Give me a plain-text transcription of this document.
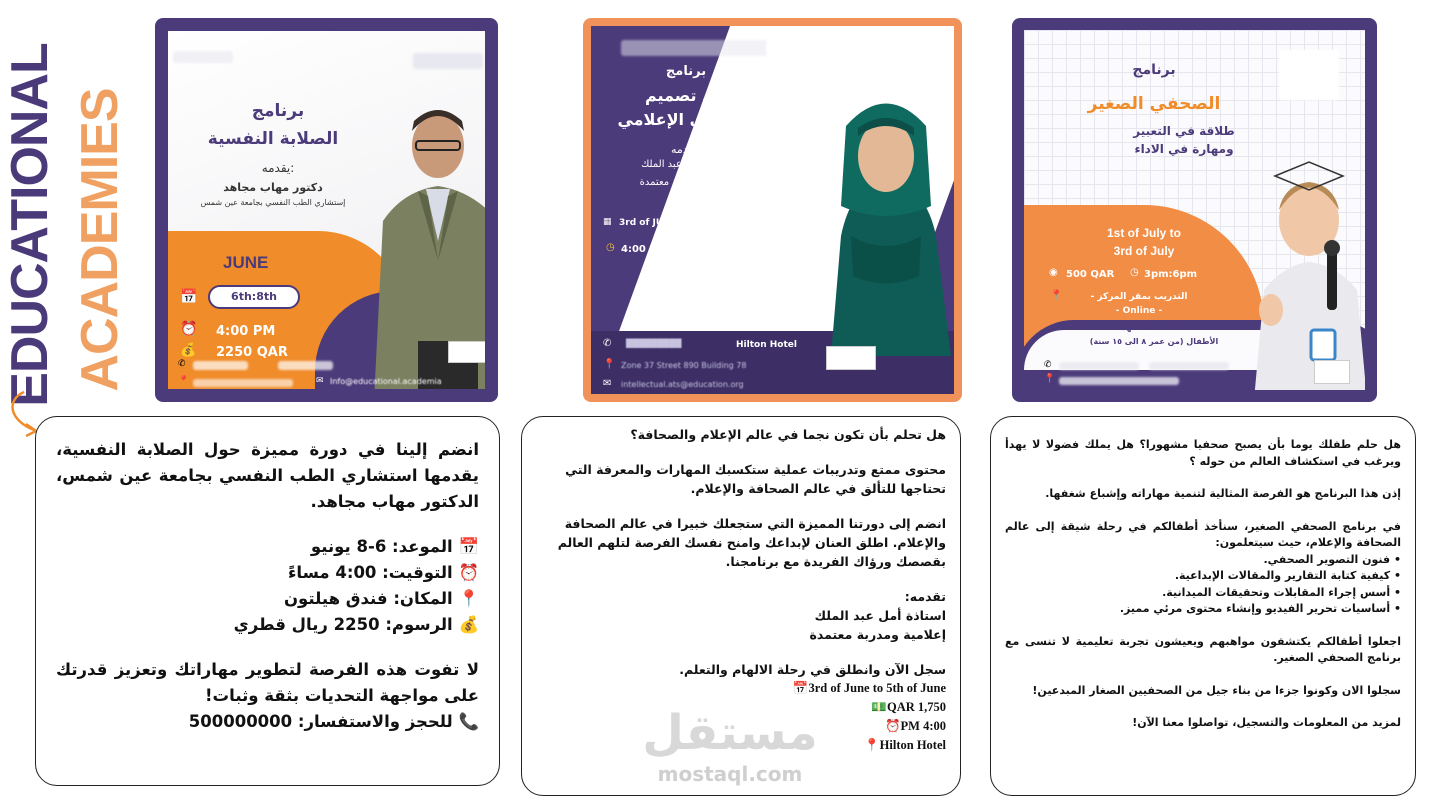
EDUCATIONAL ACADEMIES	برنامج
الصلابة النفسية
يقدمه:
دكتور مهاب مجاهد
إستشاري الطب النفسي بجامعة عين شمس
JUNE
📅	6th:8th
⏰ 4:00 PM
💰 2250 QAR
✆
📍	✉ Info@educational.academia
برنامج
فن تصميم
المحتوى الإعلامي
تقدمه:
استاذة أمل عبد الملك
إعلامية ومدربة معتمدة
▦ 3rd of JUNE to 5TH of JUNE
◷ 4:00 PM ◉ 1250 QAR
الفئات المستهدفة:
- خريجي كليات الإعلام
- راغبي العمل بالمجال الصحفي والإعلامي
✆ █████████	Hilton Hotel
📍 Zone 37 Street 890 Building 78
✉ intellectual.ats@education.org
برنامج
الصحفي الصغير
طلاقة في التعبير
ومهارة في الاداء
1st of July to
3rd of July
◉ 500 QAR ◷ 3pm:6pm
📍	- التدريب بمقر المركز
- Online -
الفئات المستهدفة:
الأطفال (من عمر ٨ الى ١٥ سنة)
✆
📍
انضم إلينا في دورة مميزة حول الصلابة النفسية، يقدمها استشاري الطب النفسي بجامعة عين شمس، الدكتور مهاب مجاهد.
📅 الموعد: 6-8 يونيو
⏰ التوقيت: 4:00 مساءً
📍 المكان: فندق هيلتون
💰 الرسوم: 2250 ريال قطري
لا تفوت هذه الفرصة لتطوير مهاراتك وتعزيز قدرتك على مواجهة التحديات بثقة وثبات!
📞 للحجز والاستفسار: 500000000
هل تحلم بأن تكون نجما في عالم الإعلام والصحافة؟
محتوى ممتع وتدريبات عملية ستكسبك المهارات والمعرفة التي تحتاجها للتألق في عالم الصحافة والإعلام.
انضم إلى دورتنا المميزة التي ستجعلك خبيرا في عالم الصحافة والإعلام. اطلق العنان لإبداعك وامنح نفسك الفرصة لتلهم العالم بقصصك ورؤاك الفريدة مع برنامجنا.
تقدمه:
استاذة أمل عبد الملك
إعلامية ومدربة معتمدة
سجل الآن وانطلق في رحلة الالهام والتعلم.
3rd of June to 5th of June📅
QAR 1,750💵
PM 4:00⏰
Hilton Hotel📍
هل حلم طفلك يوما بأن يصبح صحفيا مشهورا؟ هل يملك فضولا لا يهدأ ويرغب في استكشاف العالم من حوله ؟
إذن هذا البرنامج هو الفرصة المثالية لتنمية مهاراته وإشباع شغفها.
في برنامج الصحفي الصغير، سنأخذ أطفالكم في رحلة شيقة إلى عالم الصحافة والإعلام، حيث سيتعلمون:
• فنون التصوير الصحفي.
• كيفية كتابة التقارير والمقالات الإبداعية.
• أسس إجراء المقابلات وتحقيقات الميدانية.
• أساسيات تحرير الفيديو وإنشاء محتوى مرئي مميز.
اجعلوا أطفالكم يكتشفون مواهبهم ويعيشون تجربة تعليمية لا تنسى مع برنامج الصحفي الصغير.
سجلوا الان وكونوا جزءا من بناء جيل من الصحفيين الصغار المبدعين!
لمزيد من المعلومات والتسجيل، تواصلوا معنا الآن!
مستقل
mostaql.com
